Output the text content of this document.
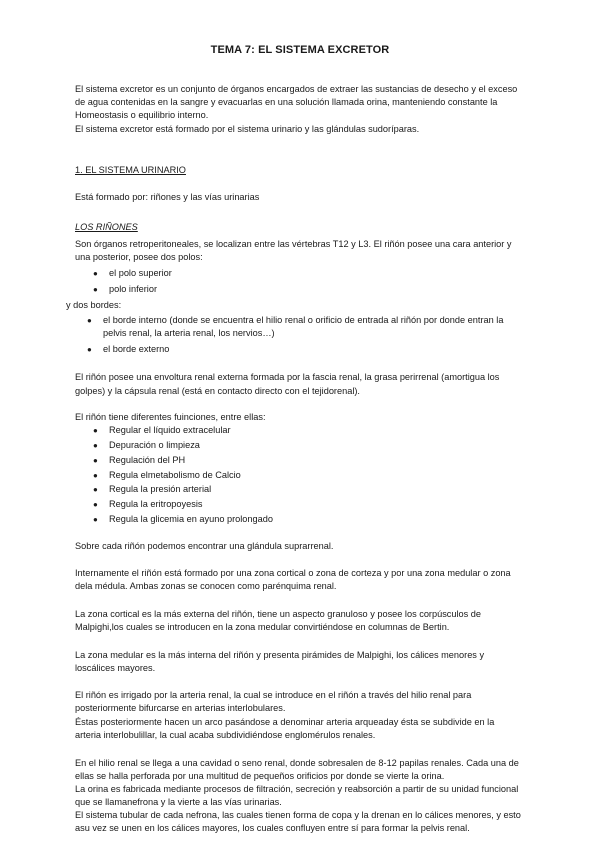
TEMA 7: EL SISTEMA EXCRETOR
El sistema excretor es un conjunto de órganos encargados de extraer las sustancias de desecho y el exceso
de agua contenidas en la sangre y evacuarlas en una solución llamada orina, manteniendo constante la
Homeostasis o equilibrio interno.
El sistema excretor está formado por el sistema urinario y las glándulas sudoríparas.
1. EL SISTEMA URINARIO
Está formado por: riñones y las vías urinarias
LOS RIÑONES
Son órganos retroperitoneales, se localizan entre las vértebras T12 y L3. El riñón posee una cara anterior y
una posterior, posee dos polos:
● el polo superior
● polo inferior
y dos bordes:
● el borde interno (donde se encuentra el hilio renal o orificio de entrada al riñón por donde entran la
pelvis renal, la arteria renal, los nervios…)
● el borde externo
El riñón posee una envoltura renal externa formada por la fascia renal, la grasa perirrenal (amortigua los
golpes) y la cápsula renal (está en contacto directo con el tejidorenal).
El riñón tiene diferentes fuinciones, entre ellas:
● Regular el líquido extracelular
● Depuración o limpieza
● Regulación del PH
● Regula elmetabolismo de Calcio
● Regula la presión arterial
● Regula la eritropoyesis
● Regula la glicemia en ayuno prolongado
Sobre cada riñón podemos encontrar una glándula suprarrenal.
Internamente el riñón está formado por una zona cortical o zona de corteza y por una zona medular o zona
dela médula. Ambas zonas se conocen como parénquima renal.
La zona cortical es la más externa del riñón, tiene un aspecto granuloso y posee los corpúsculos de
Malpighi,los cuales se introducen en la zona medular convirtiéndose en columnas de Bertin.
La zona medular es la más interna del riñón y presenta pirámides de Malpighi, los cálices menores y
loscálices mayores.
El riñón es irrigado por la arteria renal, la cual se introduce en el riñón a través del hilio renal para
posteriormente bifurcarse en arterias interlobulares.
Éstas posteriormente hacen un arco pasándose a denominar arteria arqueaday ésta se subdivide en la
arteria interlobulillar, la cual acaba subdividiéndose englomérulos renales.
En el hilio renal se llega a una cavidad o seno renal, donde sobresalen de 8-12 papilas renales. Cada una de
ellas se halla perforada por una multitud de pequeños orificios por donde se vierte la orina.
La orina es fabricada mediante procesos de filtración, secreción y reabsorción a partir de su unidad funcional
que se llamanefrona y la vierte a las vías urinarias.
El sistema tubular de cada nefrona, las cuales tienen forma de copa y la drenan en lo cálices menores, y esto
asu vez se unen en los cálices mayores, los cuales confluyen entre sí para formar la pelvis renal.
